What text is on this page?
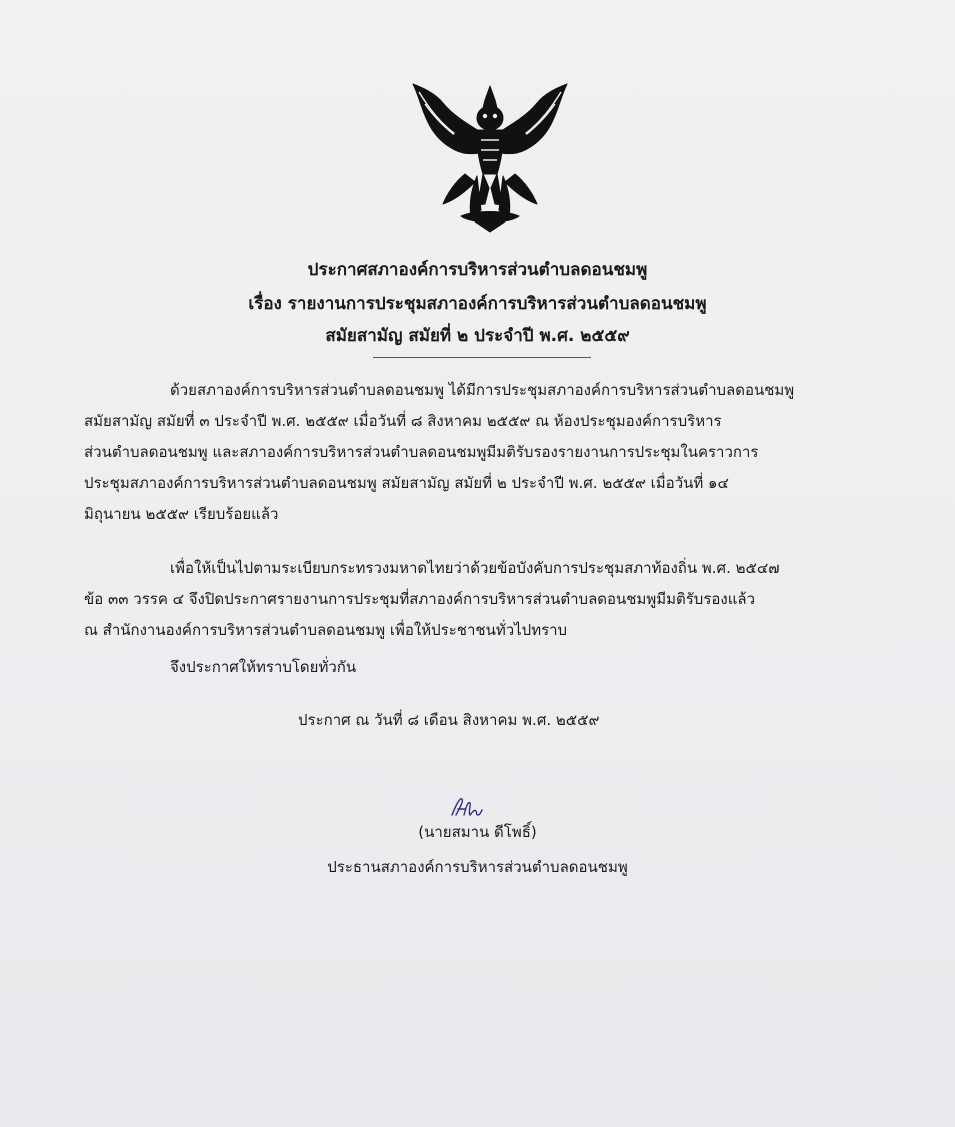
ประกาศสภาองค์การบริหารส่วนตำบลดอนชมพู
เรื่อง รายงานการประชุมสภาองค์การบริหารส่วนตำบลดอนชมพู
สมัยสามัญ สมัยที่ ๒ ประจำปี พ.ศ. ๒๕๕๙
ด้วยสภาองค์การบริหารส่วนตำบลดอนชมพู ได้มีการประชุมสภาองค์การบริหารส่วนตำบลดอนชมพู
สมัยสามัญ สมัยที่ ๓ ประจำปี พ.ศ. ๒๕๕๙ เมื่อวันที่ ๘ สิงหาคม ๒๕๕๙ ณ ห้องประชุมองค์การบริหาร
ส่วนตำบลดอนชมพู และสภาองค์การบริหารส่วนตำบลดอนชมพูมีมติรับรองรายงานการประชุมในคราวการ
ประชุมสภาองค์การบริหารส่วนตำบลดอนชมพู สมัยสามัญ สมัยที่ ๒ ประจำปี พ.ศ. ๒๕๕๙ เมื่อวันที่ ๑๔
มิถุนายน ๒๕๕๙ เรียบร้อยแล้ว
เพื่อให้เป็นไปตามระเบียบกระทรวงมหาดไทยว่าด้วยข้อบังคับการประชุมสภาท้องถิ่น พ.ศ. ๒๕๔๗
ข้อ ๓๓ วรรค ๔ จึงปิดประกาศรายงานการประชุมที่สภาองค์การบริหารส่วนตำบลดอนชมพูมีมติรับรองแล้ว
ณ สำนักงานองค์การบริหารส่วนตำบลดอนชมพู เพื่อให้ประชาชนทั่วไปทราบ
จึงประกาศให้ทราบโดยทั่วกัน
ประกาศ ณ วันที่ ๘ เดือน สิงหาคม พ.ศ. ๒๕๕๙
(นายสมาน ดีโพธิ์)
ประธานสภาองค์การบริหารส่วนตำบลดอนชมพู
